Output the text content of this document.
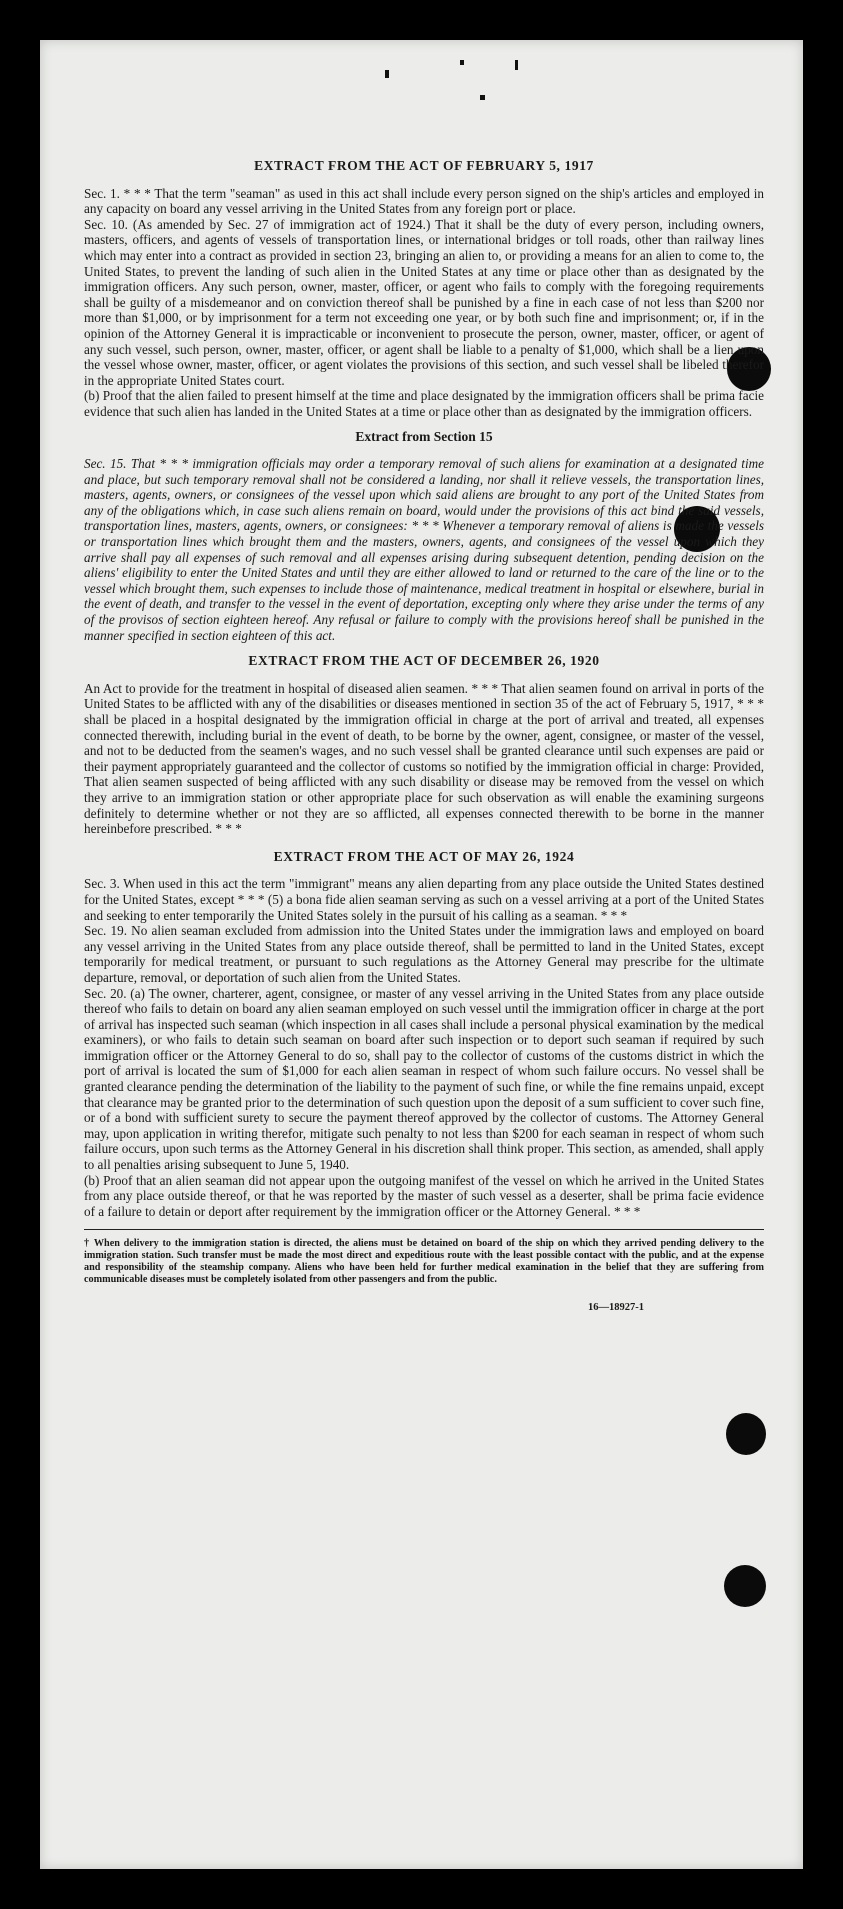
EXTRACT FROM THE ACT OF FEBRUARY 5, 1917

Sec. 1. * * * That the term "seaman" as used in this act shall include every person signed on the ship's articles and employed in any capacity on board any vessel arriving in the United States from any foreign port or place.

Sec. 10. (As amended by Sec. 27 of immigration act of 1924.) That it shall be the duty of every person, including owners, masters, officers, and agents of vessels of transportation lines, or international bridges or toll roads, other than railway lines which may enter into a contract as provided in section 23, bringing an alien to, or providing a means for an alien to come to, the United States, to prevent the landing of such alien in the United States at any time or place other than as designated by the immigration officers. Any such person, owner, master, officer, or agent who fails to comply with the foregoing requirements shall be guilty of a misdemeanor and on conviction thereof shall be punished by a fine in each case of not less than $200 nor more than $1,000, or by imprisonment for a term not exceeding one year, or by both such fine and imprisonment; or, if in the opinion of the Attorney General it is impracticable or inconvenient to prosecute the person, owner, master, officer, or agent of any such vessel, such person, owner, master, officer, or agent shall be liable to a penalty of $1,000, which shall be a lien upon the vessel whose owner, master, officer, or agent violates the provisions of this section, and such vessel shall be libeled therefor in the appropriate United States court.

(b) Proof that the alien failed to present himself at the time and place designated by the immigration officers shall be prima facie evidence that such alien has landed in the United States at a time or place other than as designated by the immigration officers.

Extract from Section 15

Sec. 15. That * * * immigration officials may order a temporary removal of such aliens for examination at a designated time and place, but such temporary removal shall not be considered a landing, nor shall it relieve vessels, the transportation lines, masters, agents, owners, or consignees of the vessel upon which said aliens are brought to any port of the United States from any of the obligations which, in case such aliens remain on board, would under the provisions of this act bind the said vessels, transportation lines, masters, agents, owners, or consignees: * * * Whenever a temporary removal of aliens is made the vessels or transportation lines which brought them and the masters, owners, agents, and consignees of the vessel upon which they arrive shall pay all expenses of such removal and all expenses arising during subsequent detention, pending decision on the aliens' eligibility to enter the United States and until they are either allowed to land or returned to the care of the line or to the vessel which brought them, such expenses to include those of maintenance, medical treatment in hospital or elsewhere, burial in the event of death, and transfer to the vessel in the event of deportation, excepting only where they arise under the terms of any of the provisos of section eighteen hereof. Any refusal or failure to comply with the provisions hereof shall be punished in the manner specified in section eighteen of this act.

EXTRACT FROM THE ACT OF DECEMBER 26, 1920

An Act to provide for the treatment in hospital of diseased alien seamen. * * * That alien seamen found on arrival in ports of the United States to be afflicted with any of the disabilities or diseases mentioned in section 35 of the act of February 5, 1917, * * * shall be placed in a hospital designated by the immigration official in charge at the port of arrival and treated, all expenses connected therewith, including burial in the event of death, to be borne by the owner, agent, consignee, or master of the vessel, and not to be deducted from the seamen's wages, and no such vessel shall be granted clearance until such expenses are paid or their payment appropriately guaranteed and the collector of customs so notified by the immigration official in charge: Provided, That alien seamen suspected of being afflicted with any such disability or disease may be removed from the vessel on which they arrive to an immigration station or other appropriate place for such observation as will enable the examining surgeons definitely to determine whether or not they are so afflicted, all expenses connected therewith to be borne in the manner hereinbefore prescribed. * * *

EXTRACT FROM THE ACT OF MAY 26, 1924

Sec. 3. When used in this act the term "immigrant" means any alien departing from any place outside the United States destined for the United States, except * * * (5) a bona fide alien seaman serving as such on a vessel arriving at a port of the United States and seeking to enter temporarily the United States solely in the pursuit of his calling as a seaman. * * *

Sec. 19. No alien seaman excluded from admission into the United States under the immigration laws and employed on board any vessel arriving in the United States from any place outside thereof, shall be permitted to land in the United States, except temporarily for medical treatment, or pursuant to such regulations as the Attorney General may prescribe for the ultimate departure, removal, or deportation of such alien from the United States.

Sec. 20. (a) The owner, charterer, agent, consignee, or master of any vessel arriving in the United States from any place outside thereof who fails to detain on board any alien seaman employed on such vessel until the immigration officer in charge at the port of arrival has inspected such seaman (which inspection in all cases shall include a personal physical examination by the medical examiners), or who fails to detain such seaman on board after such inspection or to deport such seaman if required by such immigration officer or the Attorney General to do so, shall pay to the collector of customs of the customs district in which the port of arrival is located the sum of $1,000 for each alien seaman in respect of whom such failure occurs. No vessel shall be granted clearance pending the determination of the liability to the payment of such fine, or while the fine remains unpaid, except that clearance may be granted prior to the determination of such question upon the deposit of a sum sufficient to cover such fine, or of a bond with sufficient surety to secure the payment thereof approved by the collector of customs. The Attorney General may, upon application in writing therefor, mitigate such penalty to not less than $200 for each seaman in respect of whom such failure occurs, upon such terms as the Attorney General in his discretion shall think proper. This section, as amended, shall apply to all penalties arising subsequent to June 5, 1940.

(b) Proof that an alien seaman did not appear upon the outgoing manifest of the vessel on which he arrived in the United States from any place outside thereof, or that he was reported by the master of such vessel as a deserter, shall be prima facie evidence of a failure to detain or deport after requirement by the immigration officer or the Attorney General. * * *

† When delivery to the immigration station is directed, the aliens must be detained on board of the ship on which they arrived pending delivery to the immigration station. Such transfer must be made the most direct and expeditious route with the least possible contact with the public, and at the expense and responsibility of the steamship company. Aliens who have been held for further medical examination in the belief that they are suffering from communicable diseases must be completely isolated from other passengers and from the public.

16—18927-1
